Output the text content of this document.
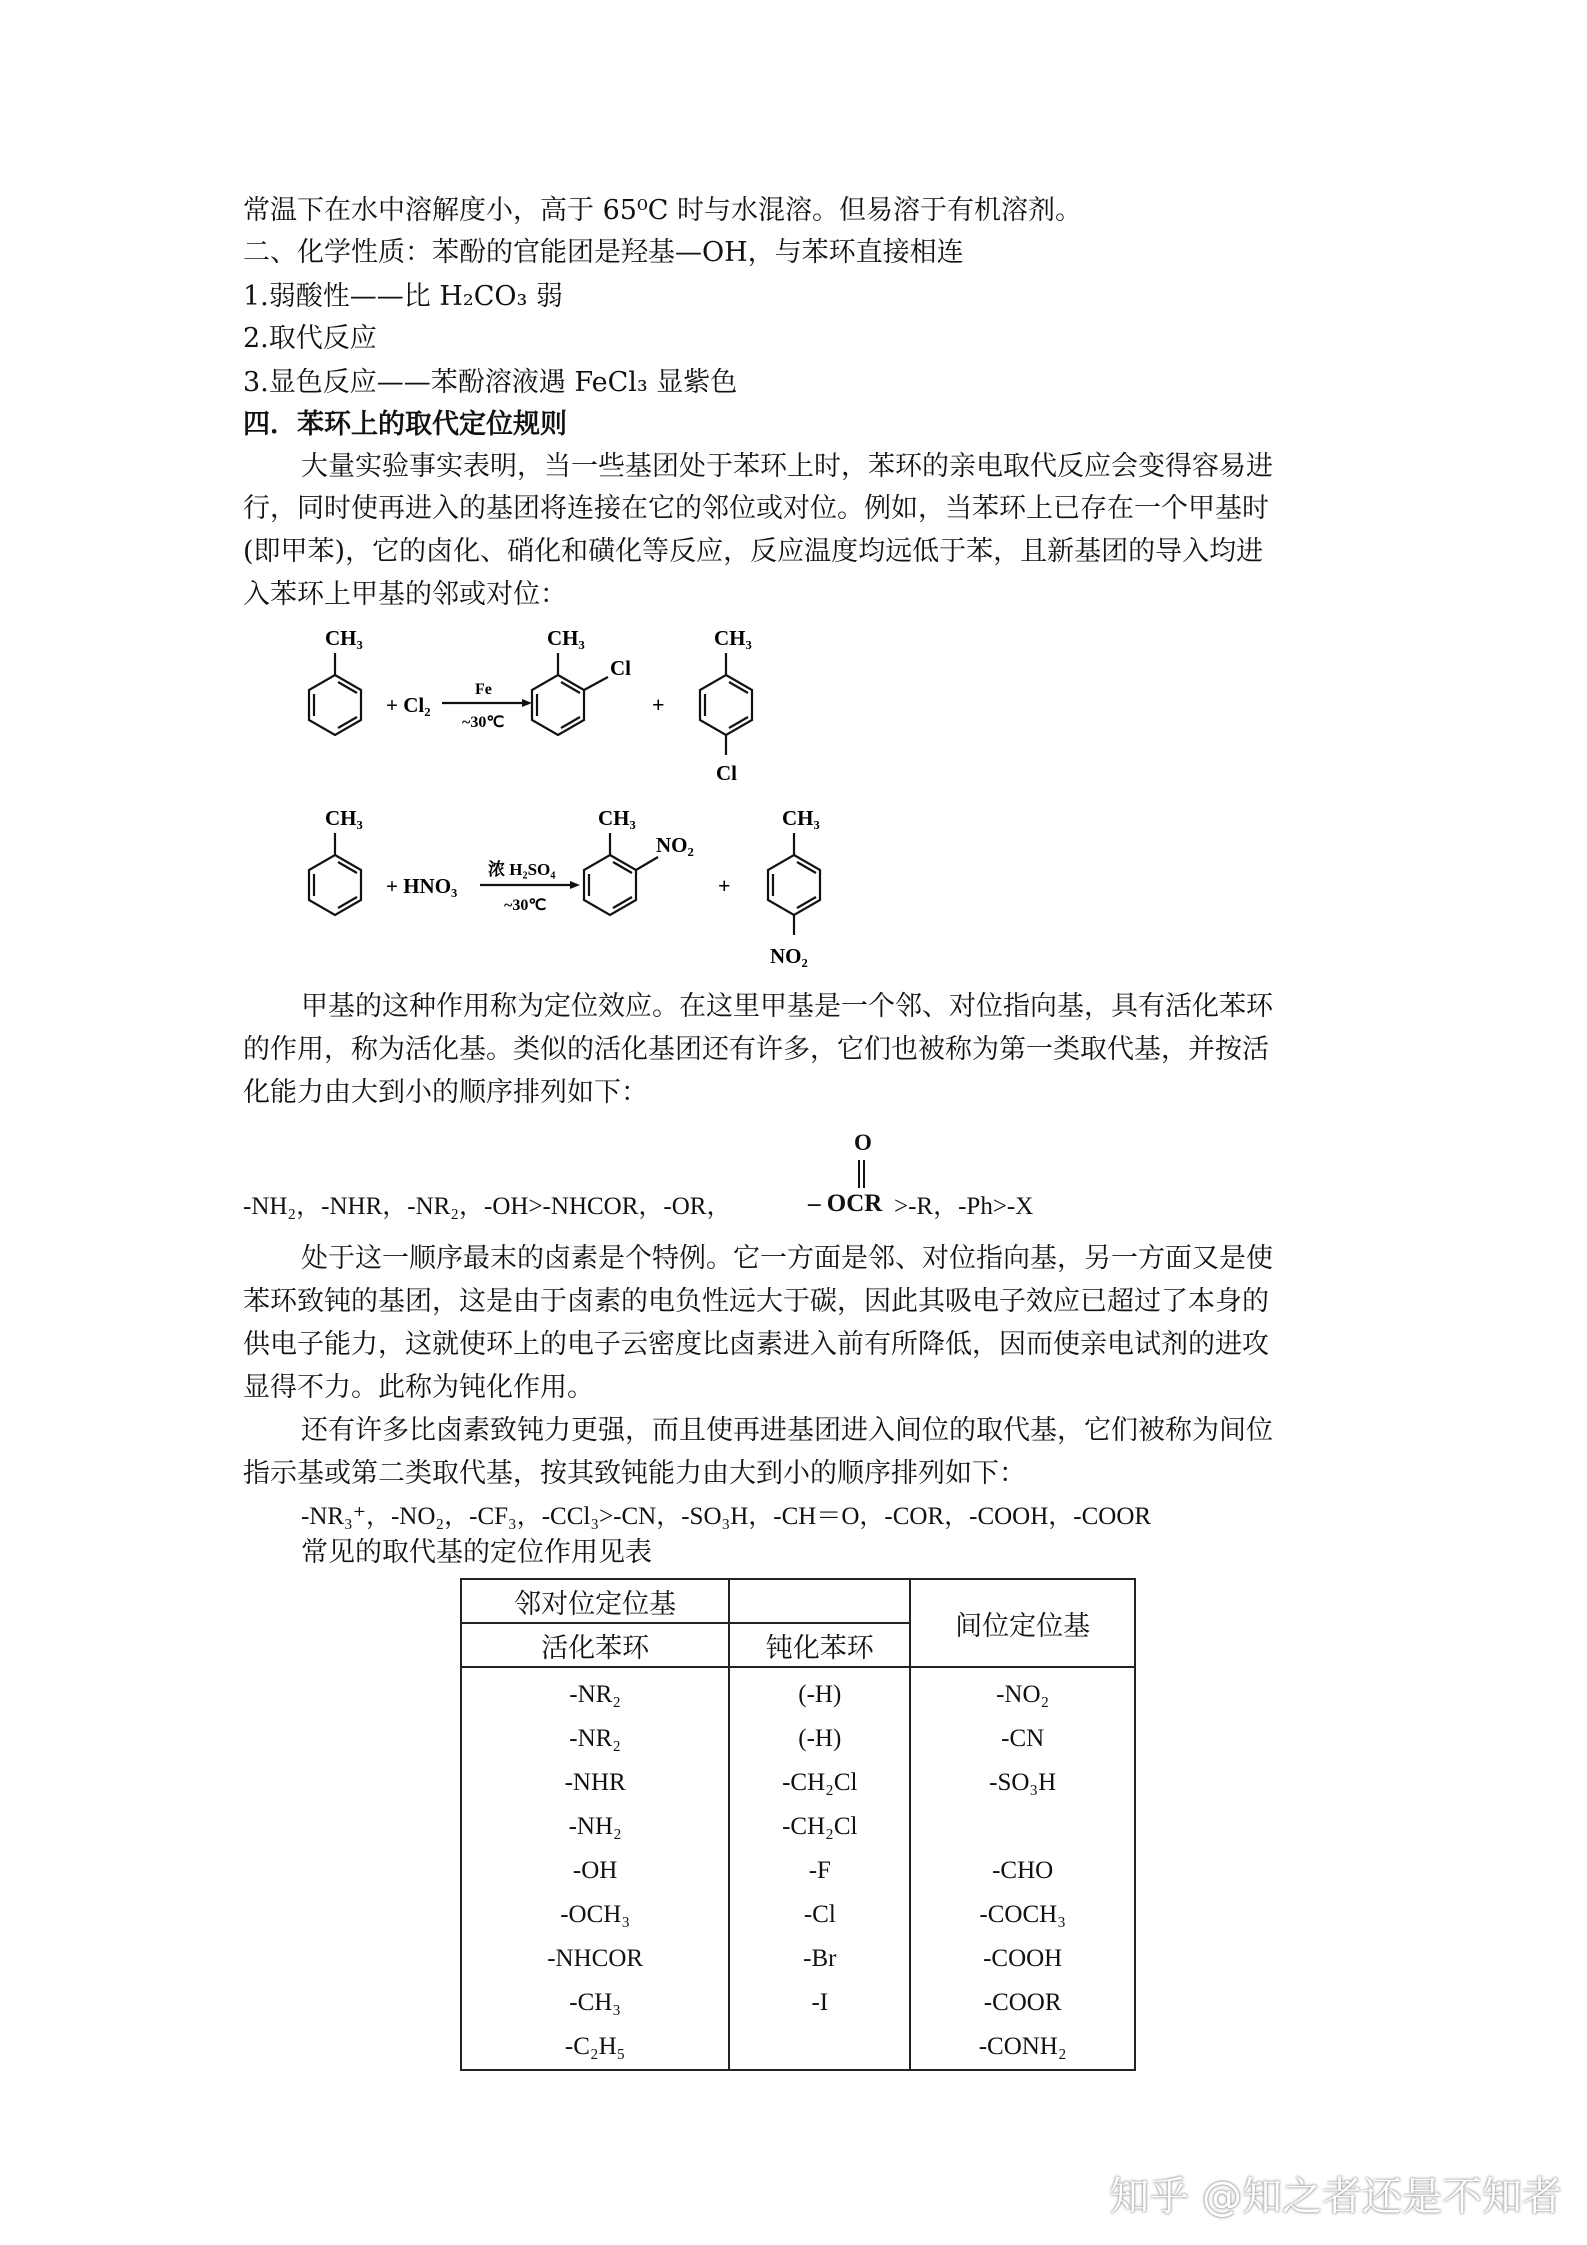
常温下在水中溶解度小，高于 65⁰C 时与水混溶。但易溶于有机溶剂。
二、化学性质：苯酚的官能团是羟基—OH，与苯环直接相连
1.弱酸性——比 H₂CO₃ 弱
2.取代反应
3.显色反应——苯酚溶液遇 FeCl₃ 显紫色
四．苯环上的取代定位规则
大量实验事实表明，当一些基团处于苯环上时，苯环的亲电取代反应会变得容易进
行，同时使再进入的基团将连接在它的邻位或对位。例如，当苯环上已存在一个甲基时
(即甲苯)，它的卤化、硝化和磺化等反应，反应温度均远低于苯，且新基团的导入均进
入苯环上甲基的邻或对位：
CH₃
+ Cl₂
Fe
~30℃
CH₃
Cl
+
CH₃
Cl
CH₃
+ HNO₃
浓 H₂SO₄
~30℃
CH₃
NO₂
+
CH₃
NO₂
甲基的这种作用称为定位效应。在这里甲基是一个邻、对位指向基，具有活化苯环
的作用，称为活化基。类似的活化基团还有许多，它们也被称为第一类取代基，并按活
化能力由大到小的顺序排列如下：
-NH₂，-NHR，-NR₂，-OH>-NHCOR，-OR，
O
– OCR >-R，-Ph>-X
处于这一顺序最末的卤素是个特例。它一方面是邻、对位指向基，另一方面又是使
苯环致钝的基团，这是由于卤素的电负性远大于碳，因此其吸电子效应已超过了本身的
供电子能力，这就使环上的电子云密度比卤素进入前有所降低，因而使亲电试剂的进攻
显得不力。此称为钝化作用。
还有许多比卤素致钝力更强，而且使再进基团进入间位的取代基，它们被称为间位
指示基或第二类取代基，按其致钝能力由大到小的顺序排列如下：
-NR₃⁺，-NO₂，-CF₃，-CCl₃>-CN，-SO₃H，-CH＝O，-COR，-COOH，-COOR
常见的取代基的定位作用见表
邻对位定位基		间位定位基
活化苯环	钝化苯环	
-NR₂	(-H)	-NO₂
-NR₂	(-H)	-CN
-NHR	-CH₂Cl	-SO₃H
-NH₂	-CH₂Cl	
-OH	-F	-CHO
-OCH₃	-Cl	-COCH₃
-NHCOR	-Br	-COOH
-CH₃	-I	-COOR
-C₂H₅		-CONH₂
知乎 @知之者还是不知者
